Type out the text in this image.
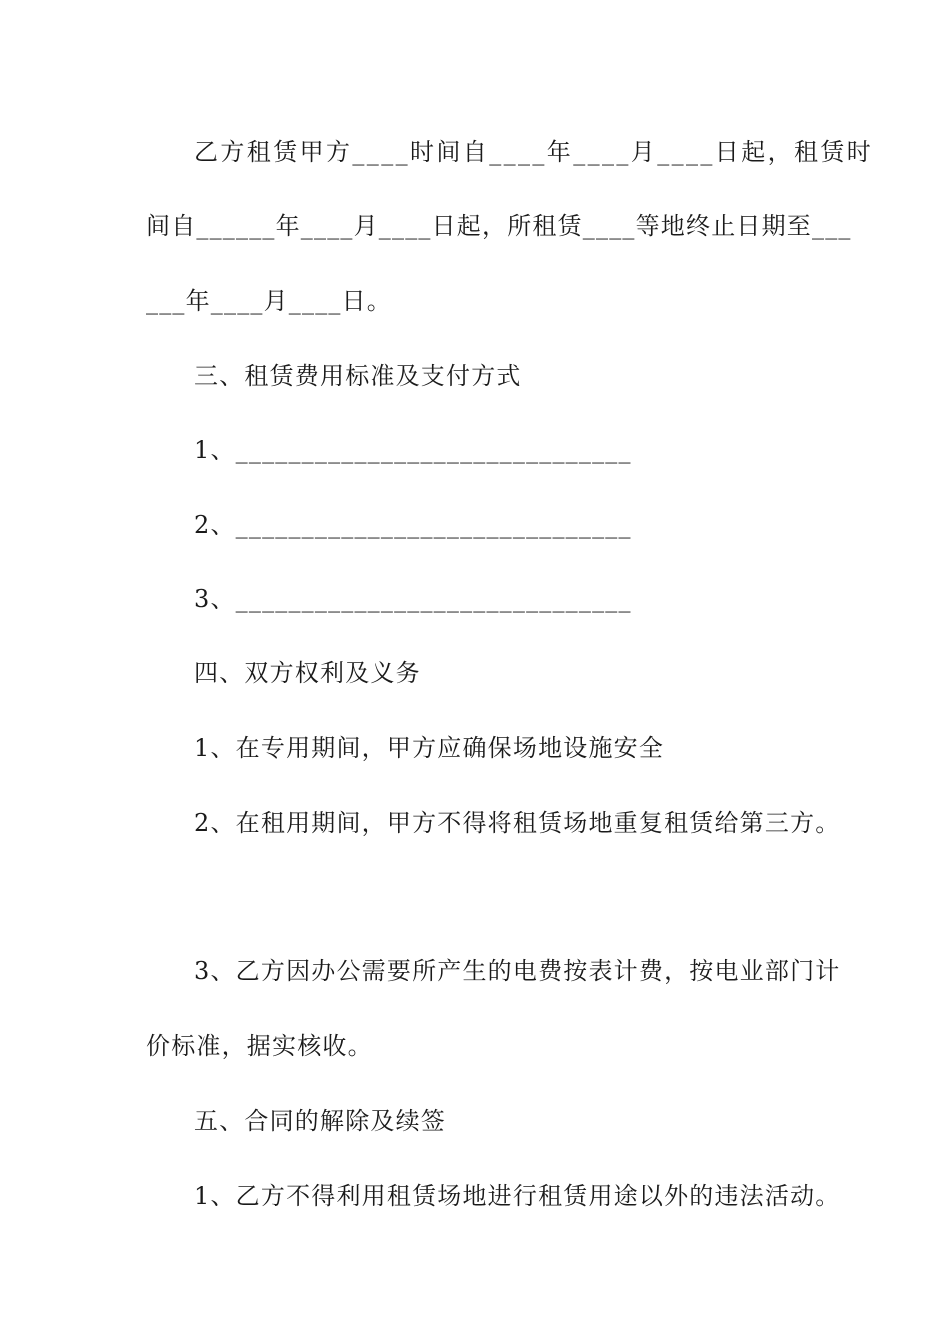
乙方租赁甲方____时间自____年____月____日起，租赁时
间自______年____月____日起，所租赁____等地终止日期至___
___年____月____日。
三、租赁费用标准及支付方式
1、______________________________
2、______________________________
3、______________________________
四、双方权利及义务
1、在专用期间，甲方应确保场地设施安全
2、在租用期间，甲方不得将租赁场地重复租赁给第三方。
3、乙方因办公需要所产生的电费按表计费，按电业部门计
价标准，据实核收。
五、合同的解除及续签
1、乙方不得利用租赁场地进行租赁用途以外的违法活动。
